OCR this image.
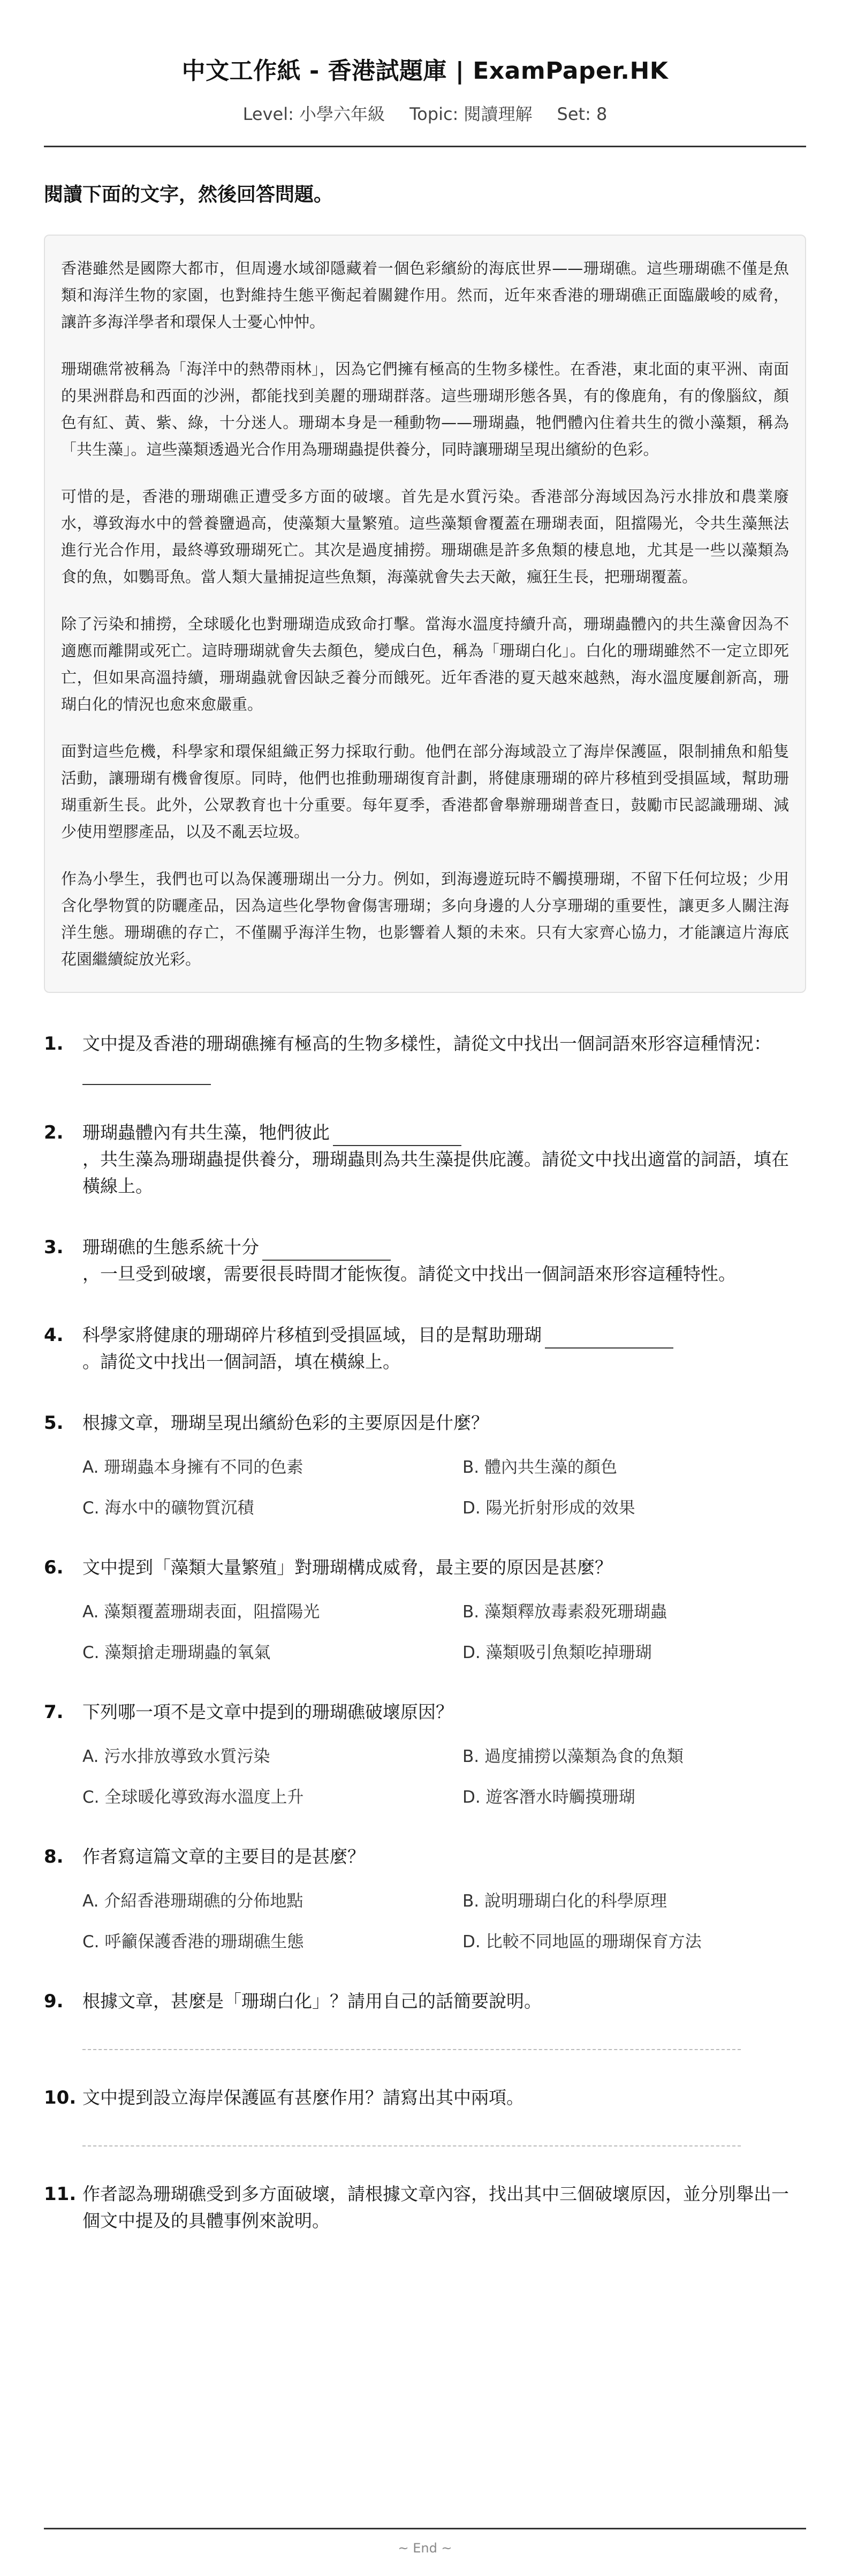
中文工作紙 - 香港試題庫 | ExamPaper.HK
Level: 小學六年級 Topic: 閱讀理解 Set: 8
閱讀下面的文字，然後回答問題。

香港雖然是國際大都市，但周邊水域卻隱藏着一個色彩繽紛的海底世界——珊瑚礁。這些珊瑚礁不僅是魚類和海洋生物的家園，也對維持生態平衡起着關鍵作用。然而，近年來香港的珊瑚礁正面臨嚴峻的威脅，讓許多海洋學者和環保人士憂心忡忡。

珊瑚礁常被稱為「海洋中的熱帶雨林」，因為它們擁有極高的生物多樣性。在香港，東北面的東平洲、南面的果洲群島和西面的沙洲，都能找到美麗的珊瑚群落。這些珊瑚形態各異，有的像鹿角，有的像腦紋，顏色有紅、黃、紫、綠，十分迷人。珊瑚本身是一種動物——珊瑚蟲，牠們體內住着共生的微小藻類，稱為「共生藻」。這些藻類透過光合作用為珊瑚蟲提供養分，同時讓珊瑚呈現出繽紛的色彩。

可惜的是，香港的珊瑚礁正遭受多方面的破壞。首先是水質污染。香港部分海域因為污水排放和農業廢水，導致海水中的營養鹽過高，使藻類大量繁殖。這些藻類會覆蓋在珊瑚表面，阻擋陽光，令共生藻無法進行光合作用，最終導致珊瑚死亡。其次是過度捕撈。珊瑚礁是許多魚類的棲息地，尤其是一些以藻類為食的魚，如鸚哥魚。當人類大量捕捉這些魚類，海藻就會失去天敵，瘋狂生長，把珊瑚覆蓋。

除了污染和捕撈，全球暖化也對珊瑚造成致命打擊。當海水溫度持續升高，珊瑚蟲體內的共生藻會因為不適應而離開或死亡。這時珊瑚就會失去顏色，變成白色，稱為「珊瑚白化」。白化的珊瑚雖然不一定立即死亡，但如果高溫持續，珊瑚蟲就會因缺乏養分而餓死。近年香港的夏天越來越熱，海水溫度屢創新高，珊瑚白化的情況也愈來愈嚴重。

面對這些危機，科學家和環保組織正努力採取行動。他們在部分海域設立了海岸保護區，限制捕魚和船隻活動，讓珊瑚有機會復原。同時，他們也推動珊瑚復育計劃，將健康珊瑚的碎片移植到受損區域，幫助珊瑚重新生長。此外，公眾教育也十分重要。每年夏季，香港都會舉辦珊瑚普查日，鼓勵市民認識珊瑚、減少使用塑膠產品，以及不亂丟垃圾。

作為小學生，我們也可以為保護珊瑚出一分力。例如，到海邊遊玩時不觸摸珊瑚，不留下任何垃圾；少用含化學物質的防曬產品，因為這些化學物會傷害珊瑚；多向身邊的人分享珊瑚的重要性，讓更多人關注海洋生態。珊瑚礁的存亡，不僅關乎海洋生物，也影響着人類的未來。只有大家齊心協力，才能讓這片海底花園繼續綻放光彩。

1. 文中提及香港的珊瑚礁擁有極高的生物多樣性，請從文中找出一個詞語來形容這種情況：
2. 珊瑚蟲體內有共生藻，牠們彼此
，共生藻為珊瑚蟲提供養分，珊瑚蟲則為共生藻提供庇護。請從文中找出適當的詞語，填在橫線上。
3. 珊瑚礁的生態系統十分
，一旦受到破壞，需要很長時間才能恢復。請從文中找出一個詞語來形容這種特性。
4. 科學家將健康的珊瑚碎片移植到受損區域，目的是幫助珊瑚
。請從文中找出一個詞語，填在橫線上。
5. 根據文章，珊瑚呈現出繽紛色彩的主要原因是什麼？
A. 珊瑚蟲本身擁有不同的色素	B. 體內共生藻的顏色
C. 海水中的礦物質沉積	D. 陽光折射形成的效果
6. 文中提到「藻類大量繁殖」對珊瑚構成威脅，最主要的原因是甚麼？
A. 藻類覆蓋珊瑚表面，阻擋陽光	B. 藻類釋放毒素殺死珊瑚蟲
C. 藻類搶走珊瑚蟲的氧氣	D. 藻類吸引魚類吃掉珊瑚
7. 下列哪一項不是文章中提到的珊瑚礁破壞原因？
A. 污水排放導致水質污染	B. 過度捕撈以藻類為食的魚類
C. 全球暖化導致海水溫度上升	D. 遊客潛水時觸摸珊瑚
8. 作者寫這篇文章的主要目的是甚麼？
A. 介紹香港珊瑚礁的分佈地點	B. 說明珊瑚白化的科學原理
C. 呼籲保護香港的珊瑚礁生態	D. 比較不同地區的珊瑚保育方法
9. 根據文章，甚麼是「珊瑚白化」？請用自己的話簡要說明。
10. 文中提到設立海岸保護區有甚麼作用？請寫出其中兩項。
11. 作者認為珊瑚礁受到多方面破壞，請根據文章內容，找出其中三個破壞原因，並分別舉出一個文中提及的具體事例來說明。
~ End ~
